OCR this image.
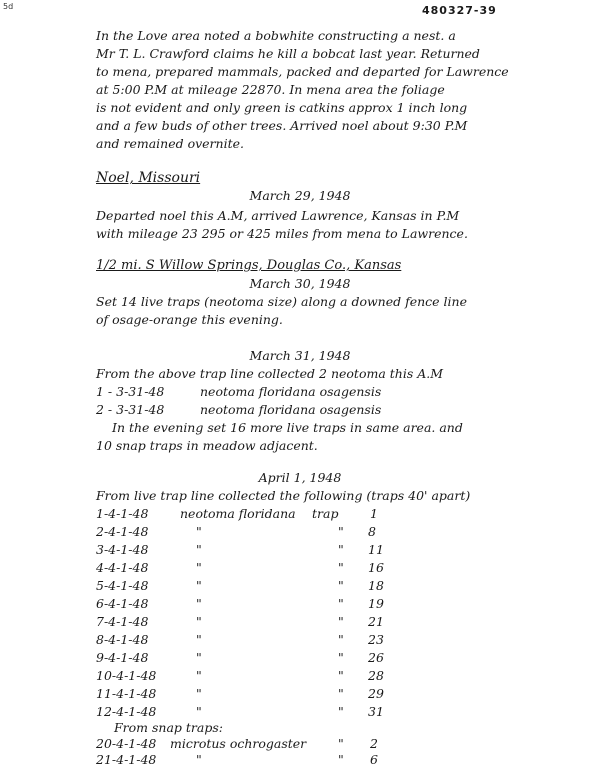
5d	480327-39
In the Love area noted a bobwhite constructing a nest. a
Mr T. L. Crawford claims he kill a bobcat last year. Returned
to mena, prepared mammals, packed and departed for Lawrence
at 5:00 P.M at mileage 22870. In mena area the foliage
is not evident and only green is catkins approx 1 inch long
and a few buds of other trees. Arrived noel about 9:30 P.M
and remained overnite.
Noel, Missouri
March 29, 1948
Departed noel this A.M, arrived Lawrence, Kansas in P.M
with mileage 23 295 or 425 miles from mena to Lawrence.
1/2 mi. S Willow Springs, Douglas Co., Kansas
March 30, 1948
Set 14 live traps (neotoma size) along a downed fence line
of osage-orange this evening.
March 31, 1948
From the above trap line collected 2 neotoma this A.M
1 - 3-31-48	neotoma floridana osagensis
2 - 3-31-48	neotoma floridana osagensis
In the evening set 16 more live traps in same area. and
10 snap traps in meadow adjacent.
April 1, 1948
From live trap line collected the following (traps 40' apart)
1-4-1-48	neotoma floridana trap	1
2-4-1-48	"	" 8
3-4-1-48	"	" 11
4-4-1-48	"	" 16
5-4-1-48	"	" 18
6-4-1-48	"	" 19
7-4-1-48	"	" 21
8-4-1-48	"	" 23
9-4-1-48	"	" 26
10-4-1-48	"	" 28
11-4-1-48	"	" 29
12-4-1-48	"	" 31
From snap traps:
20-4-1-48 microtus ochrogaster	" 2
21-4-1-48	"	" 6
